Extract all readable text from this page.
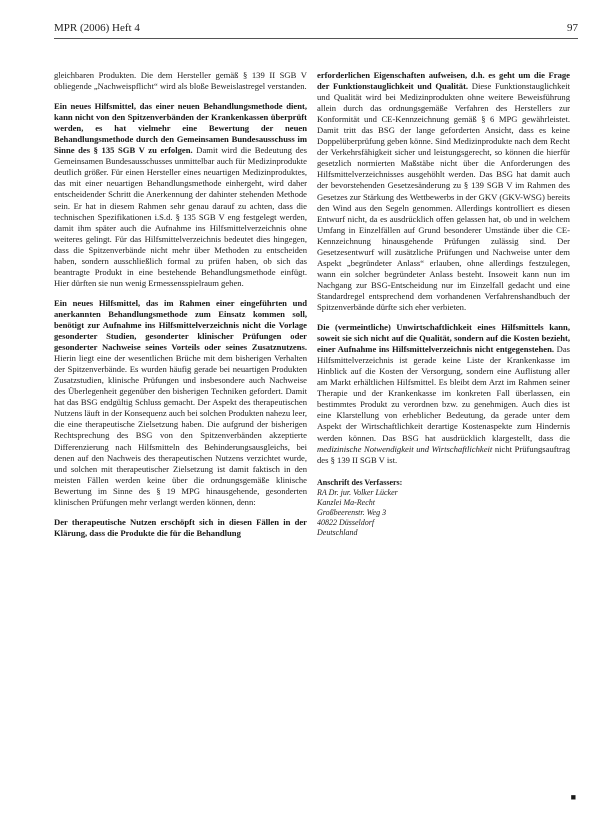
MPR (2006) Heft 4	97

gleichbaren Produkten. Die dem Hersteller gemäß § 139 II SGB V obliegende „Nachweispflicht“ wird als bloße Beweislastregel verstanden.

Ein neues Hilfsmittel, das einer neuen Behandlungsmethode dient, kann nicht von den Spitzenverbänden der Krankenkassen überprüft werden, es hat vielmehr eine Bewertung der neuen Behandlungsmethode durch den Gemeinsamen Bundesausschuss im Sinne des § 135 SGB V zu erfolgen. Damit wird die Bedeutung des Gemeinsamen Bundesausschusses unmittelbar auch für Medizinprodukte deutlich größer. Für einen Hersteller eines neuartigen Medizinproduktes, das mit einer neuartigen Behandlungsmethode einhergeht, wird daher entscheidender Schritt die Anerkennung der dahinter stehenden Methode sein. Er hat in diesem Rahmen sehr genau darauf zu achten, dass die technischen Spezifikationen i.S.d. § 135 SGB V eng festgelegt werden, damit ihm später auch die Aufnahme ins Hilfsmittelverzeichnis ohne weiteres gelingt. Für das Hilfsmittelverzeichnis bedeutet dies hingegen, dass die Spitzenverbände nicht mehr über Methoden zu entscheiden haben, sondern ausschließlich formal zu prüfen haben, ob sich das beantragte Produkt in eine bestehende Behandlungsmethode einfügt. Hier dürften sie nun wenig Ermessensspielraum gehen.

Ein neues Hilfsmittel, das im Rahmen einer eingeführten und anerkannten Behandlungsmethode zum Einsatz kommen soll, benötigt zur Aufnahme ins Hilfsmittelverzeichnis nicht die Vorlage gesonderter Studien, gesonderter klinischer Prüfungen oder gesonderter Nachweise seines Vorteils oder seines Zusatznutzens. Hierin liegt eine der wesentlichen Brüche mit dem bisherigen Verhalten der Spitzenverbände. Es wurden häufig gerade bei neuartigen Produkten Zusatzstudien, klinische Prüfungen und insbesondere auch Nachweise des Überlegenheit gegenüber den bisherigen Techniken gefordert. Damit hat das BSG endgültig Schluss gemacht. Der Aspekt des therapeutischen Nutzens läuft in der Konsequenz auch bei solchen Produkten nahezu leer, die eine therapeutische Zielsetzung haben. Die aufgrund der bisherigen Rechtsprechung des BSG von den Spitzenverbänden akzeptierte Differenzierung nach Hilfsmitteln des Behinderungsausgleichs, bei denen auf den Nachweis des therapeutischen Nutzens verzichtet wurde, und solchen mit therapeutischer Zielsetzung ist damit faktisch in den meisten Fällen werden keine über die ordnungsgemäße klinische Bewertung im Sinne des § 19 MPG hinausgehende, gesonderten klinischen Prüfungen mehr verlangt werden können, denn:

Der therapeutische Nutzen erschöpft sich in diesen Fällen in der Klärung, dass die Produkte die für die Behandlung

erforderlichen Eigenschaften aufweisen, d.h. es geht um die Frage der Funktionstauglichkeit und Qualität. Diese Funktionstauglichkeit und Qualität wird bei Medizinprodukten ohne weitere Beweisführung allein durch das ordnungsgemäße Verfahren des Herstellers zur Konformität und CE-Kennzeichnung gemäß § 6 MPG gewährleistet. Damit tritt das BSG der lange geforderten Ansicht, dass es keine Doppelüberprüfung geben könne. Sind Medizinprodukte nach dem Recht der Verkehrsfähigkeit sicher und leistungsgerecht, so können die hierfür gesetzlich normierten Maßstäbe nicht über die Anforderungen des Hilfsmittelverzeichnisses ausgehöhlt werden. Das BSG hat damit auch der bevorstehenden Gesetzesänderung zu § 139 SGB V im Rahmen des Gesetzes zur Stärkung des Wettbewerbs in der GKV (GKV-WSG) bereits den Wind aus den Segeln genommen. Allerdings kontrolliert es diesen Entwurf nicht, da es ausdrücklich offen gelassen hat, ob und in welchem Umfang in Einzelfällen auf Grund besonderer Umstände über die CE-Kennzeichnung hinausgehende Prüfungen zulässig sind. Der Gesetzesentwurf will zusätzliche Prüfungen und Nachweise unter dem Aspekt „begründeter Anlass“ erlauben, ohne allerdings festzulegen, wann ein solcher begründeter Anlass besteht. Insoweit kann nun im Nachgang zur BSG-Entscheidung nur im Einzelfall gedacht und eine Standardregel entsprechend dem vorhandenen Verfahrenshandbuch der Spitzenverbände dürfte sich eher verbieten.

Die (vermeintliche) Unwirtschaftlichkeit eines Hilfsmittels kann, soweit sie sich nicht auf die Qualität, sondern auf die Kosten bezieht, einer Aufnahme ins Hilfsmittelverzeichnis nicht entgegenstehen. Das Hilfsmittelverzeichnis ist gerade keine Liste der Krankenkasse im Hinblick auf die Kosten der Versorgung, sondern eine Auflistung aller am Markt erhältlichen Hilfsmittel. Es bleibt dem Arzt im Rahmen seiner Therapie und der Krankenkasse im konkreten Fall überlassen, ein bestimmtes Produkt zu verordnen bzw. zu genehmigen. Auch dies ist eine Klarstellung von erheblicher Bedeutung, da gerade unter dem Aspekt der Wirtschaftlichkeit derartige Kostenaspekte zum Hindernis werden können. Das BSG hat ausdrücklich klargestellt, dass die medizinische Notwendigkeit und Wirtschaftlichkeit nicht Prüfungsauftrag des § 139 II SGB V ist.

Anschrift des Verfassers:
RA Dr. jur. Volker Lücker
Kanzlei Ma-Recht
Großbeerenstr. Weg 3
40822 Düsseldorf
Deutschland
■
